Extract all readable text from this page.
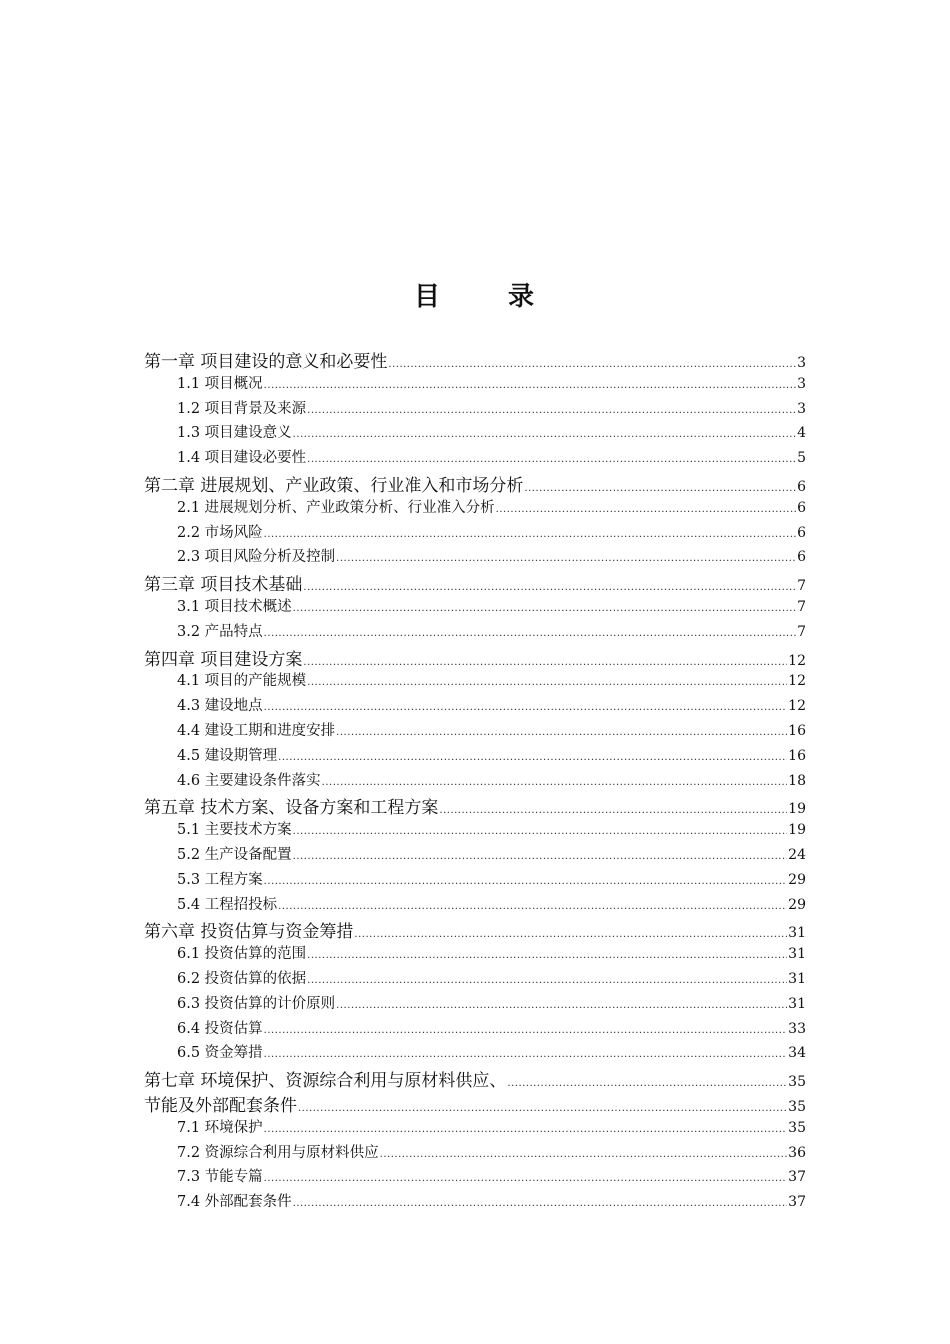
目	录
第一章 项目建设的意义和必要性 .....	3
1.1 项目概况 .....	3
1.2 项目背景及来源 .....	3
1.3 项目建设意义 .....	4
1.4 项目建设必要性 .....	5
第二章 进展规划、产业政策、行业准入和市场分析 .....	6
2.1 进展规划分析、产业政策分析、行业准入分析 .....	6
2.2 市场风险 .....	6
2.3 项目风险分析及控制 .....	6
第三章 项目技术基础 .....	7
3.1 项目技术概述 .....	7
3.2 产品特点 .....	7
第四章 项目建设方案 .....	12
4.1 项目的产能规模 .....	12
4.3 建设地点 .....	12
4.4 建设工期和进度安排 .....	16
4.5 建设期管理 .....	16
4.6 主要建设条件落实 .....	18
第五章 技术方案、设备方案和工程方案 .....	19
5.1 主要技术方案 .....	19
5.2 生产设备配置 .....	24
5.3 工程方案 .....	29
5.4 工程招投标 .....	29
第六章 投资估算与资金筹措 .....	31
6.1 投资估算的范围 .....	31
6.2 投资估算的依据 .....	31
6.3 投资估算的计价原则 .....	31
6.4 投资估算 .....	33
6.5 资金筹措 .....	34
第七章 环境保护、资源综合利用与原材料供应、 .....	35
节能及外部配套条件 .....	35
7.1 环境保护 .....	35
7.2 资源综合利用与原材料供应 .....	36
7.3 节能专篇 .....	37
7.4 外部配套条件 .....	37
